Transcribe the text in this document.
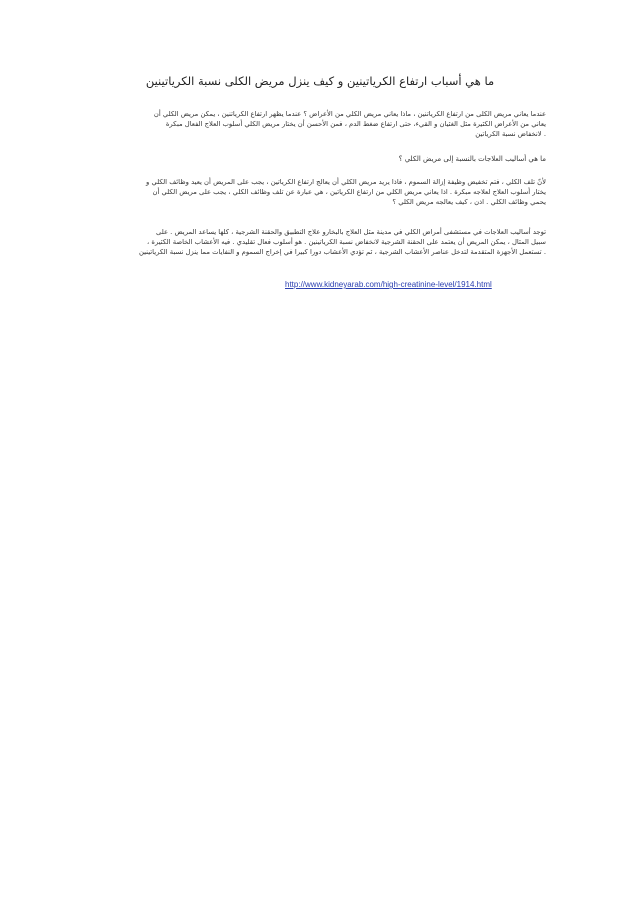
ما هي أسباب ارتفاع الكرياتينين و كيف ينزل مريض الكلى نسبة الكرياتينين
عندما يعاني مريض الكلى من ارتفاع الكرياتنين ، ماذا يعاني مريض الكلي من الأعراض ؟ عندما يظهر ارتفاع الكرياتنين ، يمكن مريض الكلي أن
يعاني من الأعراض الكثيرة مثل الغثيان و القيء، حتى ارتفاع ضغط الدم ، فمن الأحسن أن يختار مريض الكلي أسلوب العلاج الفعال مبكرة
. لانخفاض نسبة الكرياتين
ما هي أساليب العلاجات بالنسبة إلى مريض الكلي ؟
لأنّ تلف الكلي ، فتم تخفيض وظيفة إزالة السموم ، فاذا يريد مريض الكلي أن يعالج ارتفاع الكرياتين ، يجب على المريض أن يعيد وظائف الكلي و
يختار أسلوب العلاج لعلاجه مبكرة . اذا يعاني مريض الكلي من ارتفاع الكرياتين ، هي عبارة عن تلف وظائف الكلي ، يجب على مريض الكلي أن
يحمي وظائف الكلي . اذن ، كيف يعالجه مريض الكلي ؟
توجد أساليب العلاجات في مستشفى أمراض الكلي في مدينة مثل العلاج بالبخارو علاج التطبيق والحقنة الشرجية ، كلها يساعد المريض . على
سبيل المثال ، يمكن المريض أن يعتمد على الحقنة الشرجية لانخفاض نسبة الكرياتينين . هو أسلوب فعال تقليدي . فيه الأعشاب الخاصة الكثيرة ،
. تستعمل الأجهزة المتقدمة لتدخل عناصر الأعشاب الشرجية ، ثم تؤدي الأعشاب دورا كبيرا في إخراج السموم و النفايات مما ينزل نسبة الكرياتينين
http://www.kidneyarab.com/high-creatinine-level/1914.html
